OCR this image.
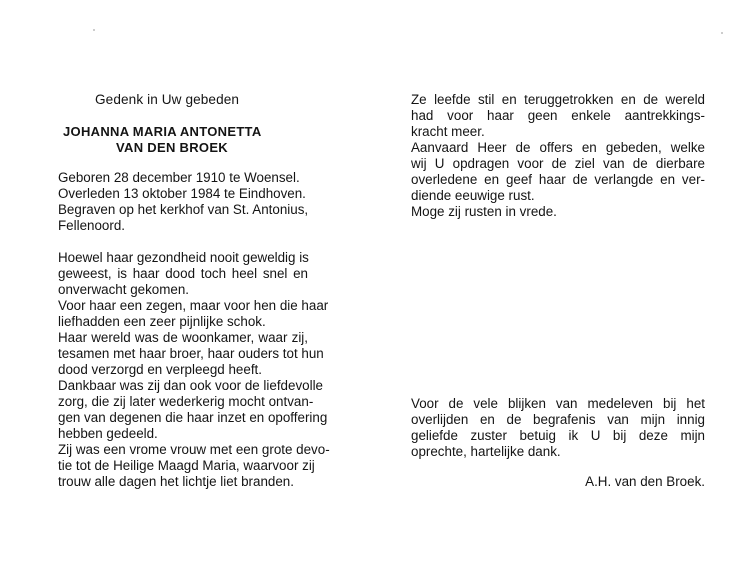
Gedenk in Uw gebeden
JOHANNA MARIA ANTONETTA
VAN DEN BROEK
Geboren 28 december 1910 te Woensel.
Overleden 13 oktober 1984 te Eindhoven.
Begraven op het kerkhof van St. Antonius,
Fellenoord.
Hoewel haar gezondheid nooit geweldig is
geweest, is haar dood toch heel snel en
onverwacht gekomen.
Voor haar een zegen, maar voor hen die haar
liefhadden een zeer pijnlijke schok.
Haar wereld was de woonkamer, waar zij,
tesamen met haar broer, haar ouders tot hun
dood verzorgd en verpleegd heeft.
Dankbaar was zij dan ook voor de liefdevolle
zorg, die zij later wederkerig mocht ontvan-
gen van degenen die haar inzet en opoffering
hebben gedeeld.
Zij was een vrome vrouw met een grote devo-
tie tot de Heilige Maagd Maria, waarvoor zij
trouw alle dagen het lichtje liet branden.
Ze leefde stil en teruggetrokken en de wereld
had voor haar geen enkele aantrekkings-
kracht meer.
Aanvaard Heer de offers en gebeden, welke
wij U opdragen voor de ziel van de dierbare
overledene en geef haar de verlangde en ver-
diende eeuwige rust.
Moge zij rusten in vrede.
Voor de vele blijken van medeleven bij het
overlijden en de begrafenis van mijn innig
geliefde zuster betuig ik U bij deze mijn
oprechte, hartelijke dank.
A.H. van den Broek.
